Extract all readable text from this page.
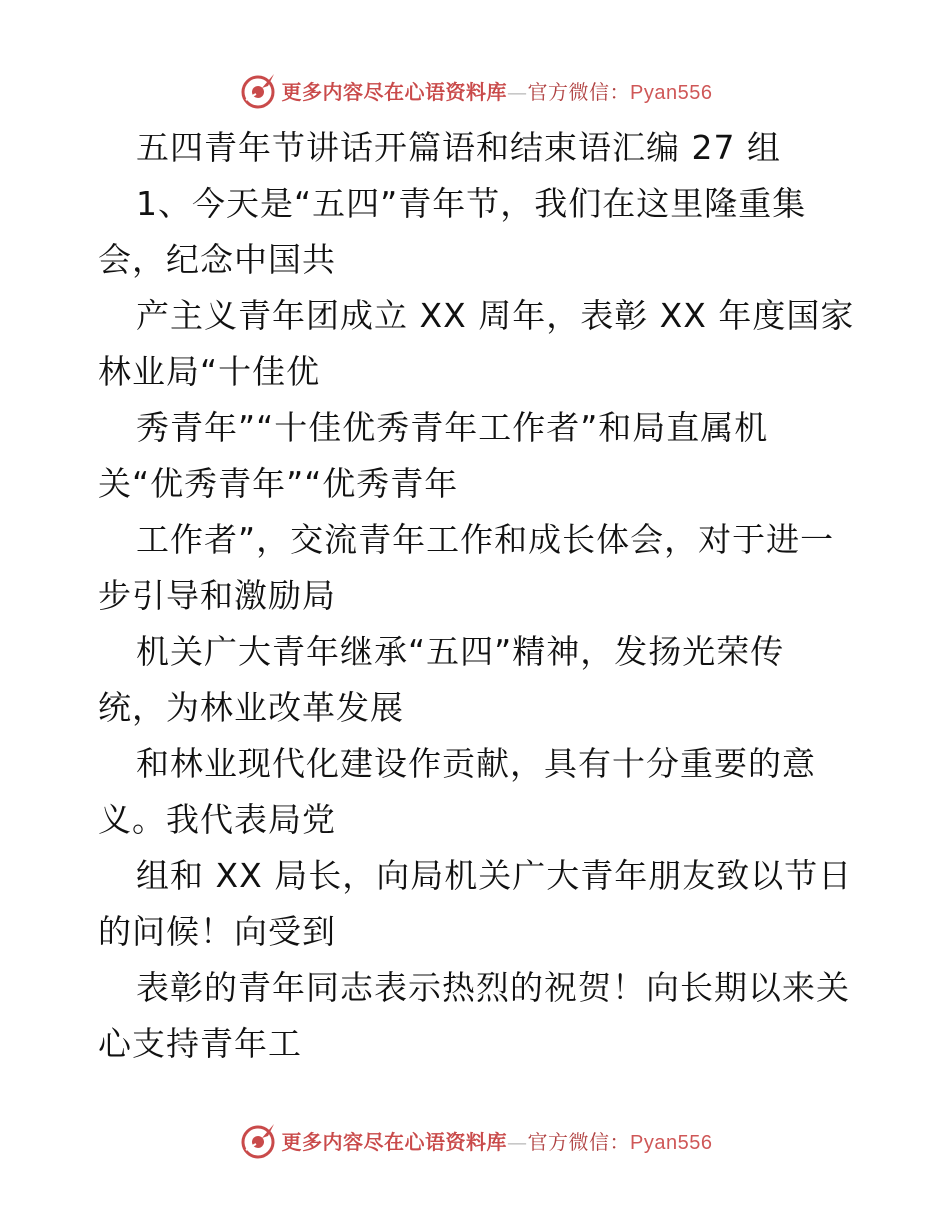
更多内容尽在心语资料库—官方微信：Pyan556
五四青年节讲话开篇语和结束语汇编 27 组
1、今天是“五四”青年节，我们在这里隆重集
会，纪念中国共
产主义青年团成立 XX 周年，表彰 XX 年度国家
林业局“十佳优
秀青年”“十佳优秀青年工作者”和局直属机
关“优秀青年”“优秀青年
工作者”，交流青年工作和成长体会，对于进一
步引导和激励局
机关广大青年继承“五四”精神，发扬光荣传
统，为林业改革发展
和林业现代化建设作贡献，具有十分重要的意
义。我代表局党
组和 XX 局长，向局机关广大青年朋友致以节日
的问候！向受到
表彰的青年同志表示热烈的祝贺！向长期以来关
心支持青年工
更多内容尽在心语资料库—官方微信：Pyan556
